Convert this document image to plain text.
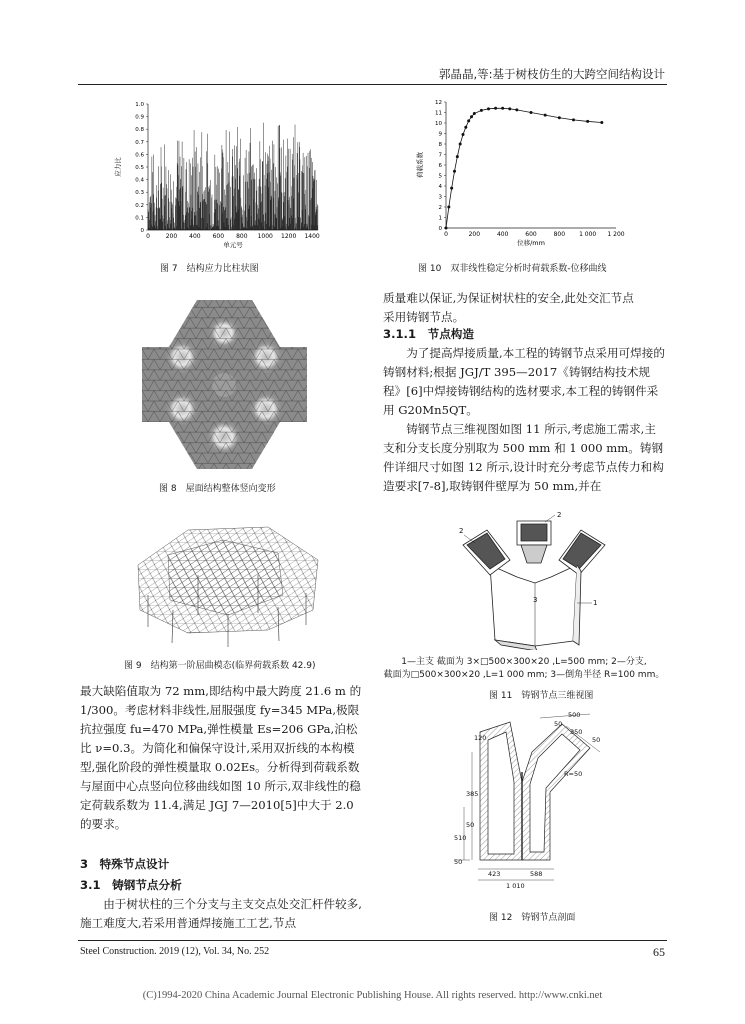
郭晶晶,等:基于树枝仿生的大跨空间结构设计
0
0.1
0.2
0.3
0.4
0.5
0.6
0.7
0.8
0.9
1.0
0	200 400 600 800 1000 1200 1400
单元号
应力比
图 7　结构应力比柱状图
0
1
2
3
4
5
6
7
8
9
10
11
12
0	200	400	600	800 1 000 1 200
位移/mm
荷载系数
图 10　双非线性稳定分析时荷载系数-位移曲线
图 8　屋面结构整体竖向变形
图 9　结构第一阶屈曲模态(临界荷载系数 42.9)

最大缺陷值取为 72 mm,即结构中最大跨度 21.6 m 的 1/300。考虑材料非线性,屈服强度 fy=345 MPa,极限抗拉强度 fu=470 MPa,弹性模量 Es=206 GPa,泊松比 ν=0.3。为简化和偏保守设计,采用双折线的本构模型,强化阶段的弹性模量取 0.02Es。分析得到荷载系数与屋面中心点竖向位移曲线如图 10 所示,双非线性的稳定荷载系数为 11.4,满足 JGJ 7—2010[5]中大于 2.0 的要求。

3　特殊节点设计
3.1　铸钢节点分析

由于树状柱的三个分支与主支交点处交汇杆件较多,施工难度大,若采用普通焊接施工工艺,节点

质量难以保证,为保证树状柱的安全,此处交汇节点

采用铸钢节点。

3.1.1　节点构造

为了提高焊接质量,本工程的铸钢节点采用可焊接的铸钢材料;根据 JGJ/T 395—2017《铸钢结构技术规程》[6]中焊接铸钢结构的选材要求,本工程的铸钢件采用 G20Mn5QT。

铸钢节点三维视图如图 11 所示,考虑施工需求,主支和分支长度分别取为 500 mm 和 1 000 mm。铸钢件详细尺寸如图 12 所示,设计时充分考虑节点传力和构造要求[7-8],取铸钢件壁厚为 50 mm,并在

1
2
2
3
1—主支 截面为 3×□500×300×20 ,L=500 mm; 2—分支,
截面为□500×300×20 ,L=1 000 mm; 3—倒角半径 R=100 mm。
图 11　铸钢节点三维视图
500
50
350
50
R=50
120
385
50
510
50
423	588
1 010
图 12　铸钢节点剖面
Steel Construction. 2019 (12), Vol. 34, No. 252	65
(C)1994-2020 China Academic Journal Electronic Publishing House. All rights reserved. http://www.cnki.net
